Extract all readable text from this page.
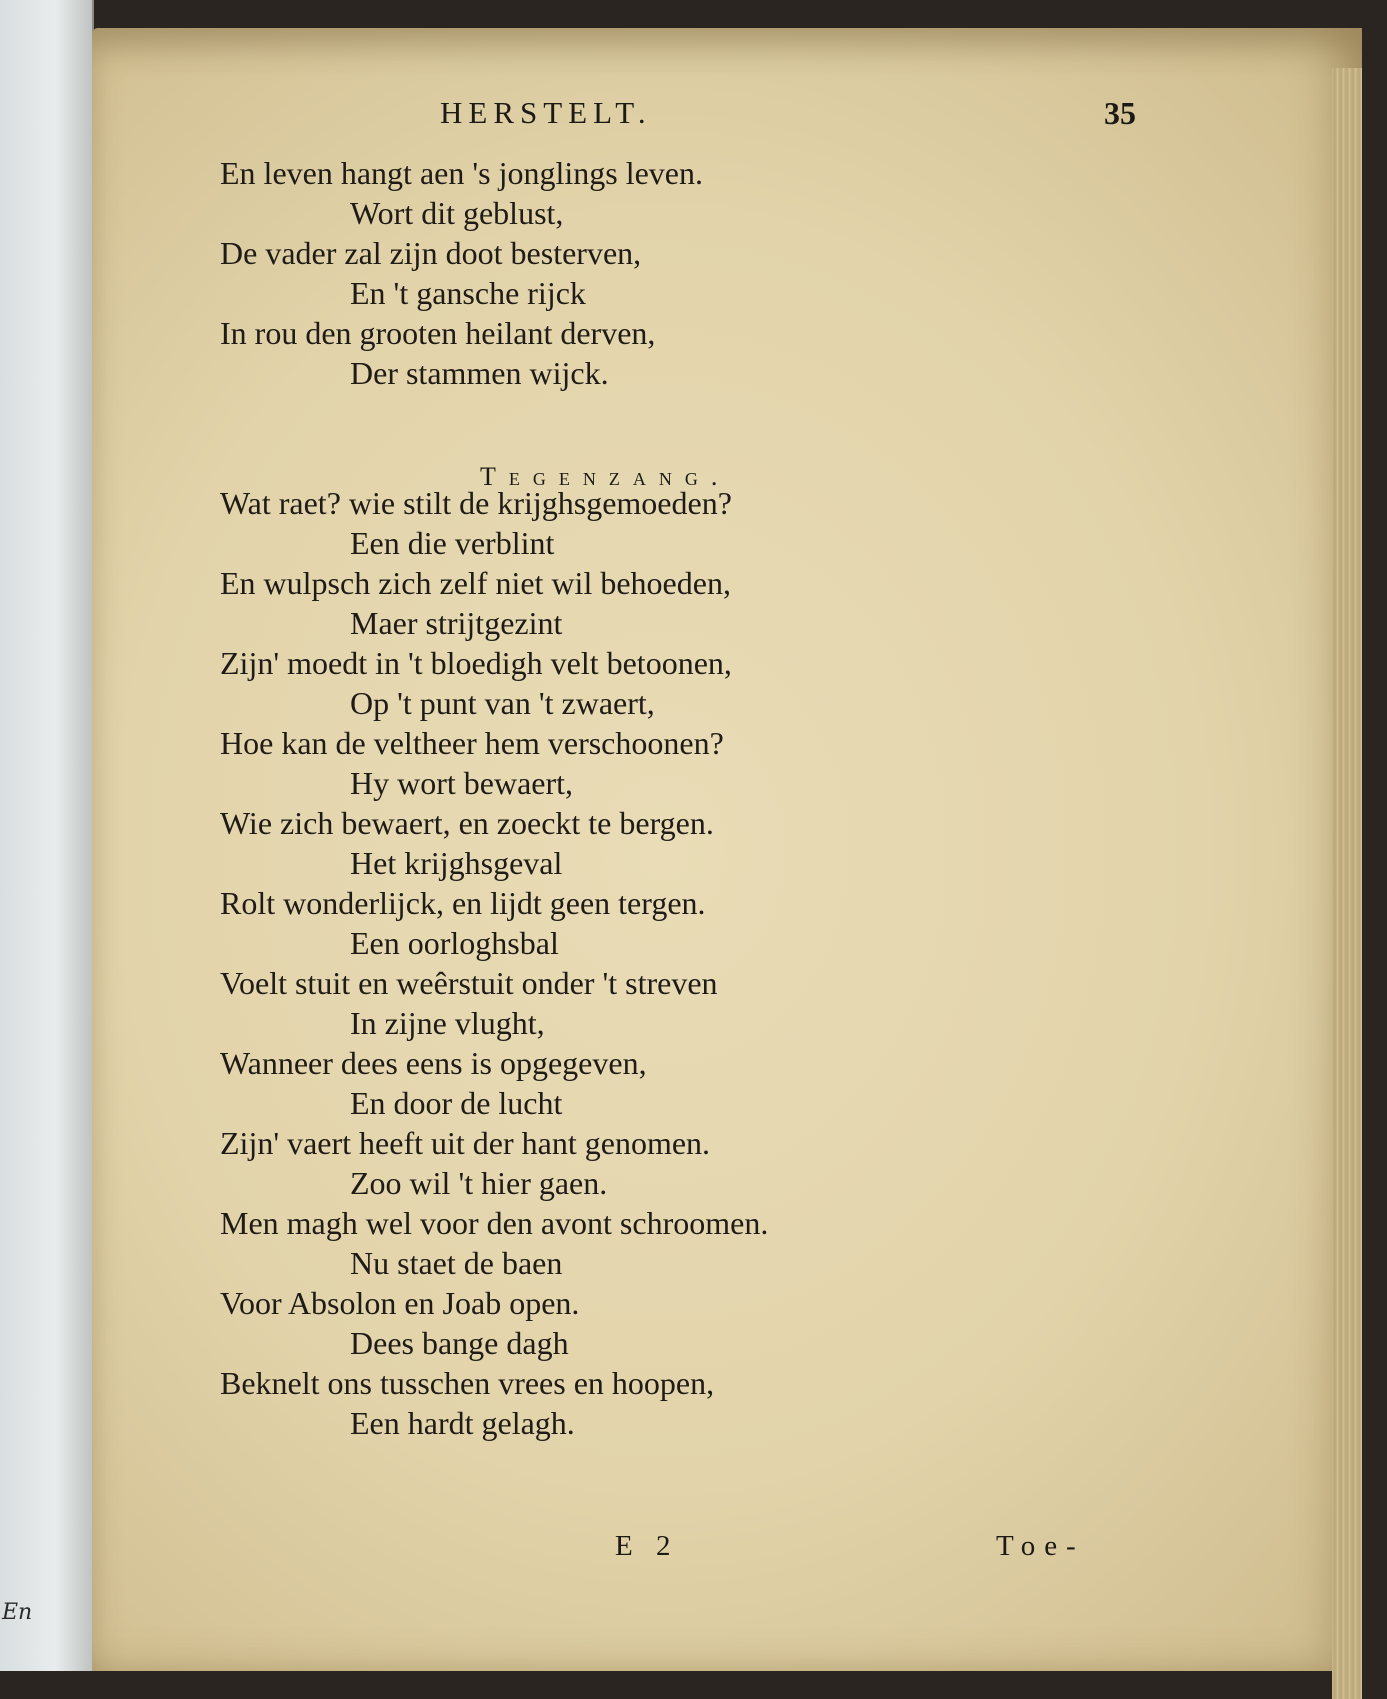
En
HERSTELT.	35
En leven hangt aen 's jonglings leven.
Wort dit geblust,
De vader zal zijn doot besterven,
En 't gansche rijck
In rou den grooten heilant derven,
Der stammen wijck.
Tegenzang.
Wat raet? wie stilt de krijghsgemoeden?
Een die verblint
En wulpsch zich zelf niet wil behoeden,
Maer strijtgezint
Zijn' moedt in 't bloedigh velt betoonen,
Op 't punt van 't zwaert,
Hoe kan de veltheer hem verschoonen?
Hy wort bewaert,
Wie zich bewaert, en zoeckt te bergen.
Het krijghsgeval
Rolt wonderlijck, en lijdt geen tergen.
Een oorloghsbal
Voelt stuit en weêrstuit onder 't streven
In zijne vlught,
Wanneer dees eens is opgegeven,
En door de lucht
Zijn' vaert heeft uit der hant genomen.
Zoo wil 't hier gaen.
Men magh wel voor den avont schroomen.
Nu staet de baen
Voor Absolon en Joab open.
Dees bange dagh
Beknelt ons tusschen vrees en hoopen,
Een hardt gelagh.
E 2	Toe-
